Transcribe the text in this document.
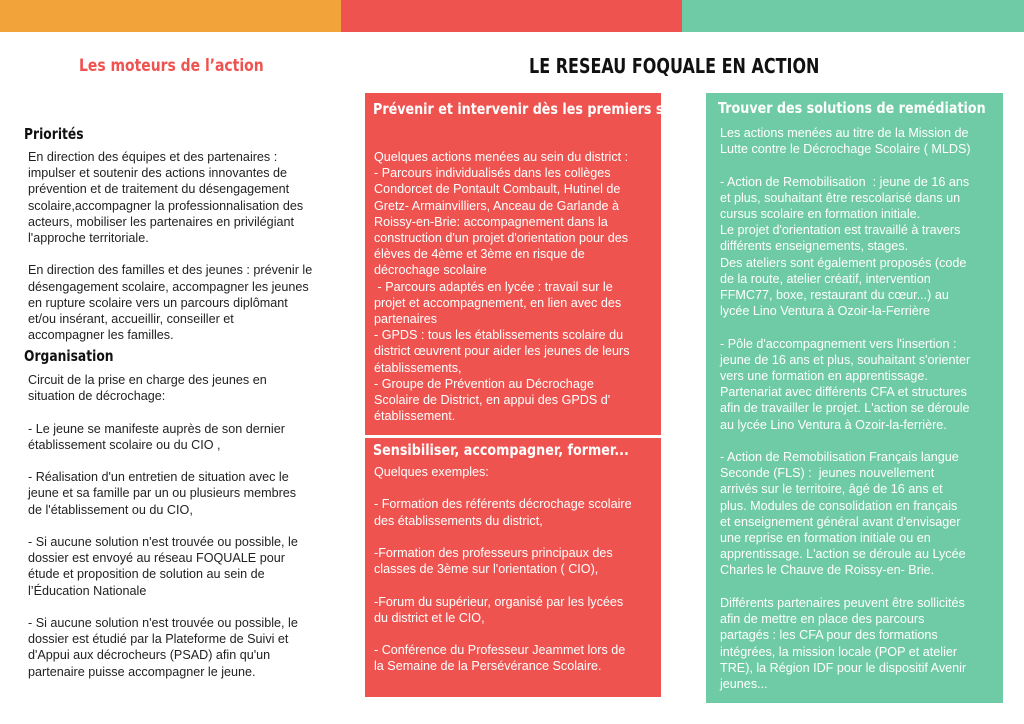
Les moteurs de l’action	LE RESEAU FOQUALE EN ACTION
Priorités
En direction des équipes et des partenaires :
impulser et soutenir des actions innovantes de
prévention et de traitement du désengagement
scolaire,accompagner la professionnalisation des
acteurs, mobiliser les partenaires en privilégiant
l'approche territoriale.

En direction des familles et des jeunes : prévenir le
désengagement scolaire, accompagner les jeunes
en rupture scolaire vers un parcours diplômant
et/ou insérant, accueillir, conseiller et
accompagner les familles.
Organisation
Circuit de la prise en charge des jeunes en
situation de décrochage:

- Le jeune se manifeste auprès de son dernier
établissement scolaire ou du CIO ,

- Réalisation d'un entretien de situation avec le
jeune et sa famille par un ou plusieurs membres
de l'établissement ou du CIO,

- Si aucune solution n'est trouvée ou possible, le
dossier est envoyé au réseau FOQUALE pour
étude et proposition de solution au sein de
l’Éducation Nationale

- Si aucune solution n'est trouvée ou possible, le
dossier est étudié par la Plateforme de Suivi et
d'Appui aux décrocheurs (PSAD) afin qu'un
partenaire puisse accompagner le jeune.
Prévenir et intervenir dès les premiers signes
Quelques actions menées au sein du district :
- Parcours individualisés dans les collèges
Condorcet de Pontault Combault, Hutinel de
Gretz- Armainvilliers, Anceau de Garlande à
Roissy-en-Brie: accompagnement dans la
construction d'un projet d'orientation pour des
élèves de 4ème et 3ème en risque de
décrochage scolaire
- Parcours adaptés en lycée : travail sur le
projet et accompagnement, en lien avec des
partenaires
- GPDS : tous les établissements scolaire du
district œuvrent pour aider les jeunes de leurs
établissements,
- Groupe de Prévention au Décrochage
Scolaire de District, en appui des GPDS d'
établissement.
Sensibiliser, accompagner, former...
Quelques exemples:

- Formation des référents décrochage scolaire
des établissements du district,

-Formation des professeurs principaux des
classes de 3ème sur l'orientation ( CIO),

-Forum du supérieur, organisé par les lycées
du district et le CIO,

- Conférence du Professeur Jeammet lors de
la Semaine de la Persévérance Scolaire.
Trouver des solutions de remédiation
Les actions menées au titre de la Mission de
Lutte contre le Décrochage Scolaire ( MLDS)

- Action de Remobilisation  : jeune de 16 ans
et plus, souhaitant être rescolarisé dans un
cursus scolaire en formation initiale.
Le projet d'orientation est travaillé à travers
différents enseignements, stages.
Des ateliers sont également proposés (code
de la route, atelier créatif, intervention
FFMC77, boxe, restaurant du cœur...) au
lycée Lino Ventura à Ozoir-la-Ferrière

- Pôle d'accompagnement vers l'insertion :
jeune de 16 ans et plus, souhaitant s'orienter
vers une formation en apprentissage.
Partenariat avec différents CFA et structures
afin de travailler le projet. L'action se déroule
au lycée Lino Ventura à Ozoir-la-ferrière.

- Action de Remobilisation Français langue
Seconde (FLS) :  jeunes nouvellement
arrivés sur le territoire, âgé de 16 ans et
plus. Modules de consolidation en français
et enseignement général avant d'envisager
une reprise en formation initiale ou en
apprentissage. L'action se déroule au Lycée
Charles le Chauve de Roissy-en- Brie.

Différents partenaires peuvent être sollicités
afin de mettre en place des parcours
partagés : les CFA pour des formations
intégrées, la mission locale (POP et atelier
TRE), la Région IDF pour le dispositif Avenir
jeunes...
